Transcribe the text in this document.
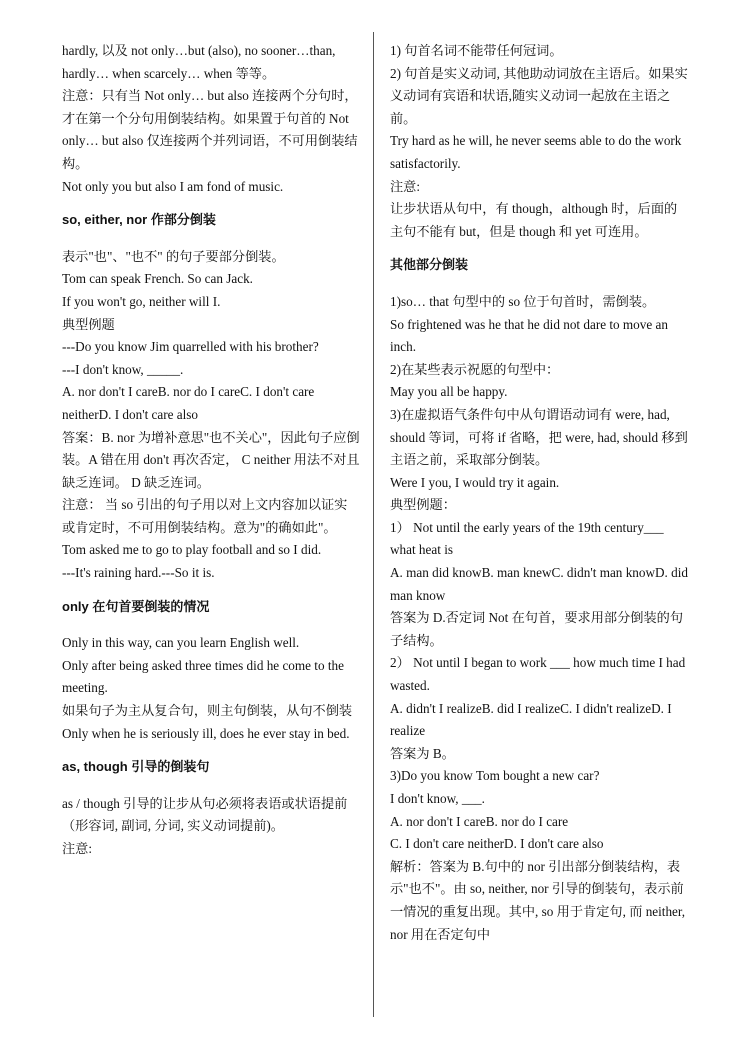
hardly, 以及 not only…but (also), no sooner…than, hardly… when scarcely… when 等等。

注意：只有当 Not only… but also 连接两个分句时，才在第一个分句用倒装结构。如果置于句首的 Not only… but also 仅连接两个并列词语，不可用倒装结构。

Not only you but also I am fond of music.

so, either, nor 作部分倒装

表示"也"、"也不" 的句子要部分倒装。

Tom can speak French. So can Jack.

If you won't go, neither will I.

典型例题

---Do you know Jim quarrelled with his brother?

---I don't know, _____.

A. nor don't I careB. nor do I careC. I don't care neitherD. I don't care also

答案：B. nor 为增补意思"也不关心"，因此句子应倒装。A 错在用 don't 再次否定， C neither 用法不对且缺乏连词。 D 缺乏连词。

注意： 当 so 引出的句子用以对上文内容加以证实或肯定时，不可用倒装结构。意为"的确如此"。

Tom asked me to go to play football and so I did.

---It's raining hard.---So it is.

only 在句首要倒装的情况

Only in this way, can you learn English well.

Only after being asked three times did he come to the meeting.

如果句子为主从复合句，则主句倒装，从句不倒装

Only when he is seriously ill, does he ever stay in bed.

as, though 引导的倒装句

as / though 引导的让步从句必须将表语或状语提前 （形容词, 副词, 分词, 实义动词提前)。

注意:

1) 句首名词不能带任何冠词。

2) 句首是实义动词, 其他助动词放在主语后。如果实义动词有宾语和状语,随实义动词一起放在主语之前。

Try hard as he will, he never seems able to do the work satisfactorily.

注意:

让步状语从句中，有 though，although 时，后面的主句不能有 but，但是 though 和 yet 可连用。

其他部分倒装

1)so… that 句型中的 so 位于句首时，需倒装。

So frightened was he that he did not dare to move an inch.

2)在某些表示祝愿的句型中：

May you all be happy.

3)在虚拟语气条件句中从句谓语动词有 were, had, should 等词，可将 if 省略，把 were, had, should 移到主语之前，采取部分倒装。

Were I you, I would try it again.

典型例题：

1） Not until the early years of the 19th century___ what heat is

A. man did knowB. man knewC. didn't man knowD. did man know

答案为 D.否定词 Not 在句首，要求用部分倒装的句子结构。

2） Not until I began to work ___ how much time I had wasted.

A. didn't I realizeB. did I realizeC. I didn't realizeD. I realize

答案为 B。

3)Do you know Tom bought a new car?

I don't know, ___.

A. nor don't I careB. nor do I care

C. I don't care neitherD. I don't care also

解析：答案为 B.句中的 nor 引出部分倒装结构，表示"也不"。由 so, neither, nor 引导的倒装句，表示前一情况的重复出现。其中, so 用于肯定句, 而 neither, nor 用在否定句中
